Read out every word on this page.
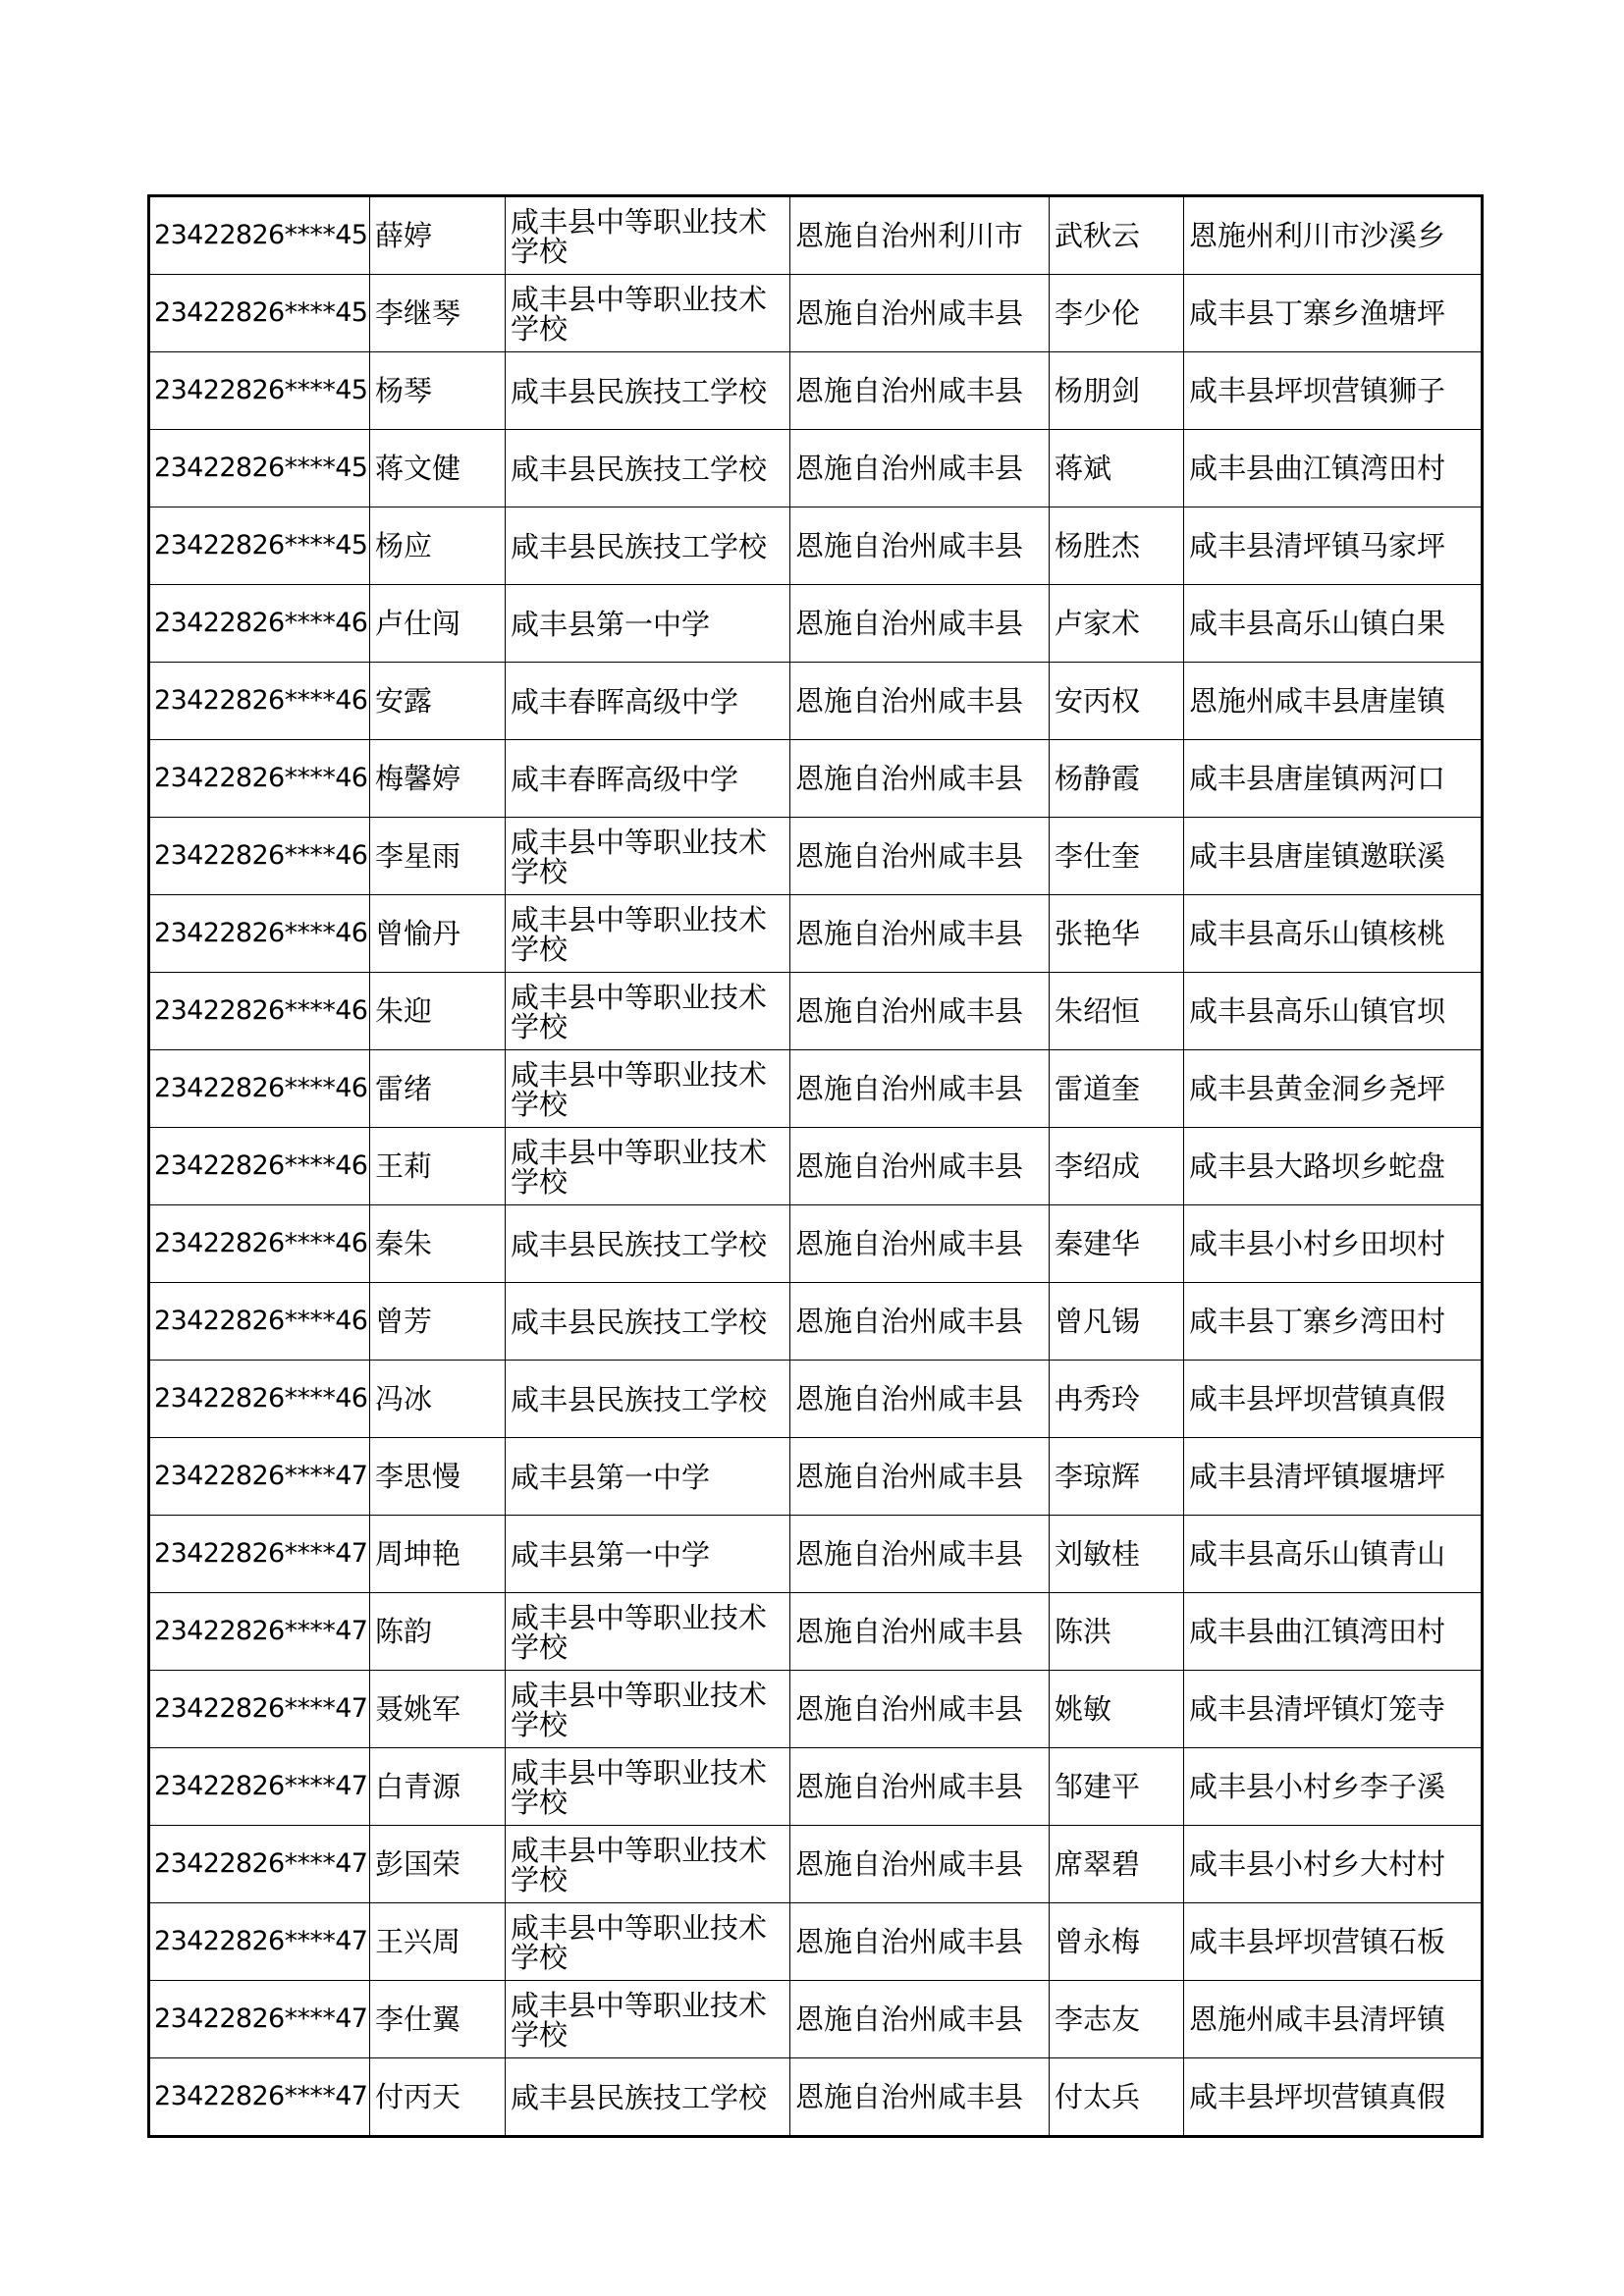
23422826****45	薛婷	咸丰县中等职业技术学校	恩施自治州利川市	武秋云	恩施州利川市沙溪乡
23422826****45	李继琴	咸丰县中等职业技术学校	恩施自治州咸丰县	李少伦	咸丰县丁寨乡渔塘坪
23422826****45	杨琴	咸丰县民族技工学校	恩施自治州咸丰县	杨朋剑	咸丰县坪坝营镇狮子
23422826****45	蒋文健	咸丰县民族技工学校	恩施自治州咸丰县	蒋斌	咸丰县曲江镇湾田村
23422826****45	杨应	咸丰县民族技工学校	恩施自治州咸丰县	杨胜杰	咸丰县清坪镇马家坪
23422826****46	卢仕闯	咸丰县第一中学	恩施自治州咸丰县	卢家术	咸丰县高乐山镇白果
23422826****46	安露	咸丰春晖高级中学	恩施自治州咸丰县	安丙权	恩施州咸丰县唐崖镇
23422826****46	梅馨婷	咸丰春晖高级中学	恩施自治州咸丰县	杨静霞	咸丰县唐崖镇两河口
23422826****46	李星雨	咸丰县中等职业技术学校	恩施自治州咸丰县	李仕奎	咸丰县唐崖镇邀联溪
23422826****46	曾愉丹	咸丰县中等职业技术学校	恩施自治州咸丰县	张艳华	咸丰县高乐山镇核桃
23422826****46	朱迎	咸丰县中等职业技术学校	恩施自治州咸丰县	朱绍恒	咸丰县高乐山镇官坝
23422826****46	雷绪	咸丰县中等职业技术学校	恩施自治州咸丰县	雷道奎	咸丰县黄金洞乡尧坪
23422826****46	王莉	咸丰县中等职业技术学校	恩施自治州咸丰县	李绍成	咸丰县大路坝乡蛇盘
23422826****46	秦朱	咸丰县民族技工学校	恩施自治州咸丰县	秦建华	咸丰县小村乡田坝村
23422826****46	曾芳	咸丰县民族技工学校	恩施自治州咸丰县	曾凡锡	咸丰县丁寨乡湾田村
23422826****46	冯冰	咸丰县民族技工学校	恩施自治州咸丰县	冉秀玲	咸丰县坪坝营镇真假
23422826****47	李思慢	咸丰县第一中学	恩施自治州咸丰县	李琼辉	咸丰县清坪镇堰塘坪
23422826****47	周坤艳	咸丰县第一中学	恩施自治州咸丰县	刘敏桂	咸丰县高乐山镇青山
23422826****47	陈韵	咸丰县中等职业技术学校	恩施自治州咸丰县	陈洪	咸丰县曲江镇湾田村
23422826****47	聂姚军	咸丰县中等职业技术学校	恩施自治州咸丰县	姚敏	咸丰县清坪镇灯笼寺
23422826****47	白青源	咸丰县中等职业技术学校	恩施自治州咸丰县	邹建平	咸丰县小村乡李子溪
23422826****47	彭国荣	咸丰县中等职业技术学校	恩施自治州咸丰县	席翠碧	咸丰县小村乡大村村
23422826****47	王兴周	咸丰县中等职业技术学校	恩施自治州咸丰县	曾永梅	咸丰县坪坝营镇石板
23422826****47	李仕翼	咸丰县中等职业技术学校	恩施自治州咸丰县	李志友	恩施州咸丰县清坪镇
23422826****47	付丙天	咸丰县民族技工学校	恩施自治州咸丰县	付太兵	咸丰县坪坝营镇真假
